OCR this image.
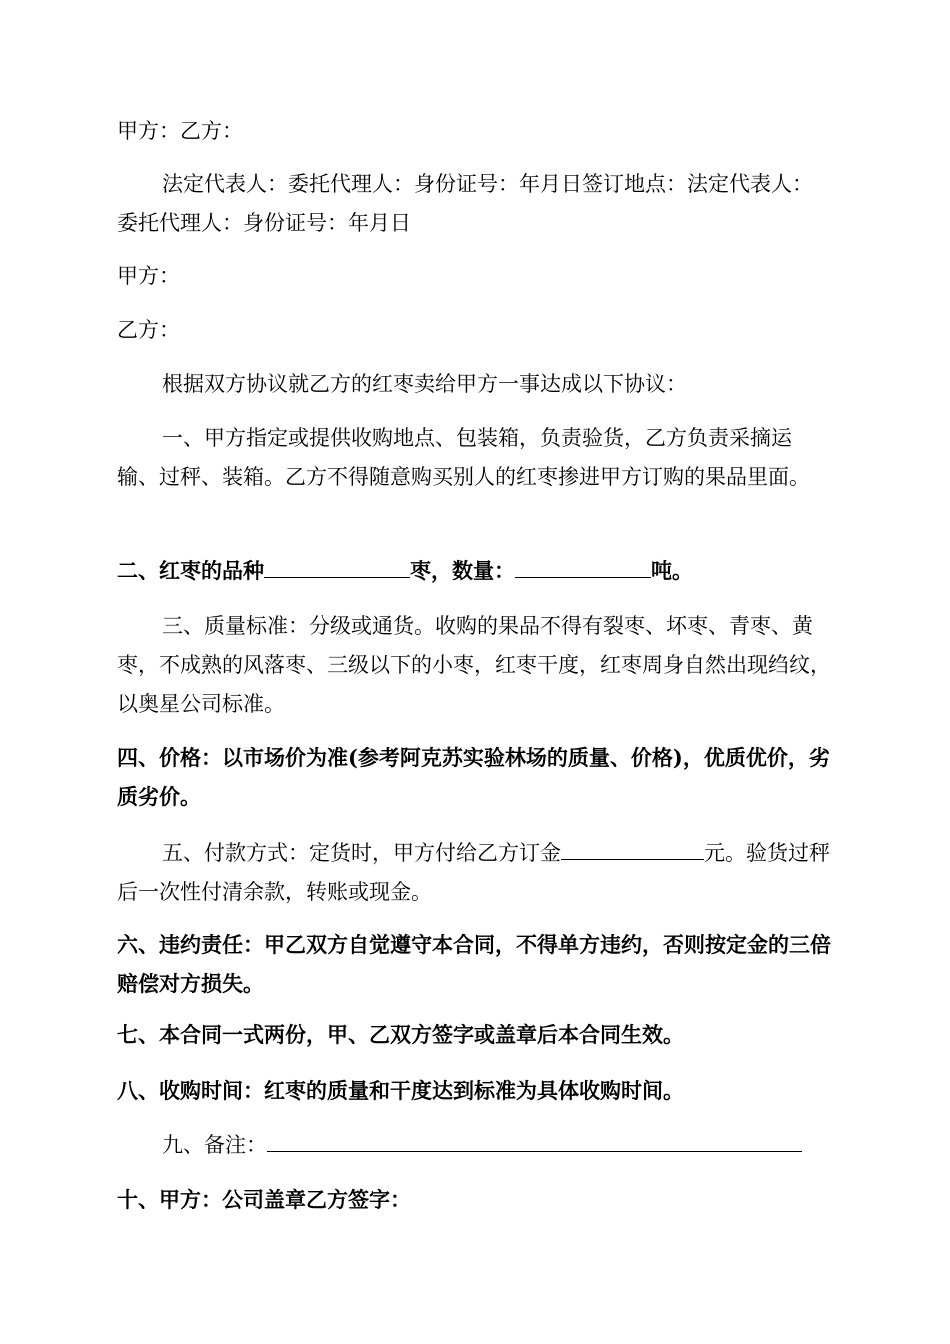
甲方：乙方：

法定代表人：委托代理人：身份证号：年月日签订地点：法定代表人：委托代理人：身份证号：年月日

甲方：

乙方：

根据双方协议就乙方的红枣卖给甲方一事达成以下协议：

一、甲方指定或提供收购地点、包装箱，负责验货，乙方负责采摘运输、过秤、装箱。乙方不得随意购买别人的红枣掺进甲方订购的果品里面。

二、红枣的品种	枣，数量：	吨。

三、质量标准：分级或通货。收购的果品不得有裂枣、坏枣、青枣、黄枣，不成熟的风落枣、三级以下的小枣，红枣干度，红枣周身自然出现绉纹，以奥星公司标准。

四、价格：以市场价为准(参考阿克苏实验林场的质量、价格)，优质优价，劣质劣价。

五、付款方式：定货时，甲方付给乙方订金	元。验货过秤后一次性付清余款，转账或现金。

六、违约责任：甲乙双方自觉遵守本合同，不得单方违约，否则按定金的三倍赔偿对方损失。

七、本合同一式两份，甲、乙双方签字或盖章后本合同生效。

八、收购时间：红枣的质量和干度达到标准为具体收购时间。

九、备注：

十、甲方：公司盖章乙方签字：
